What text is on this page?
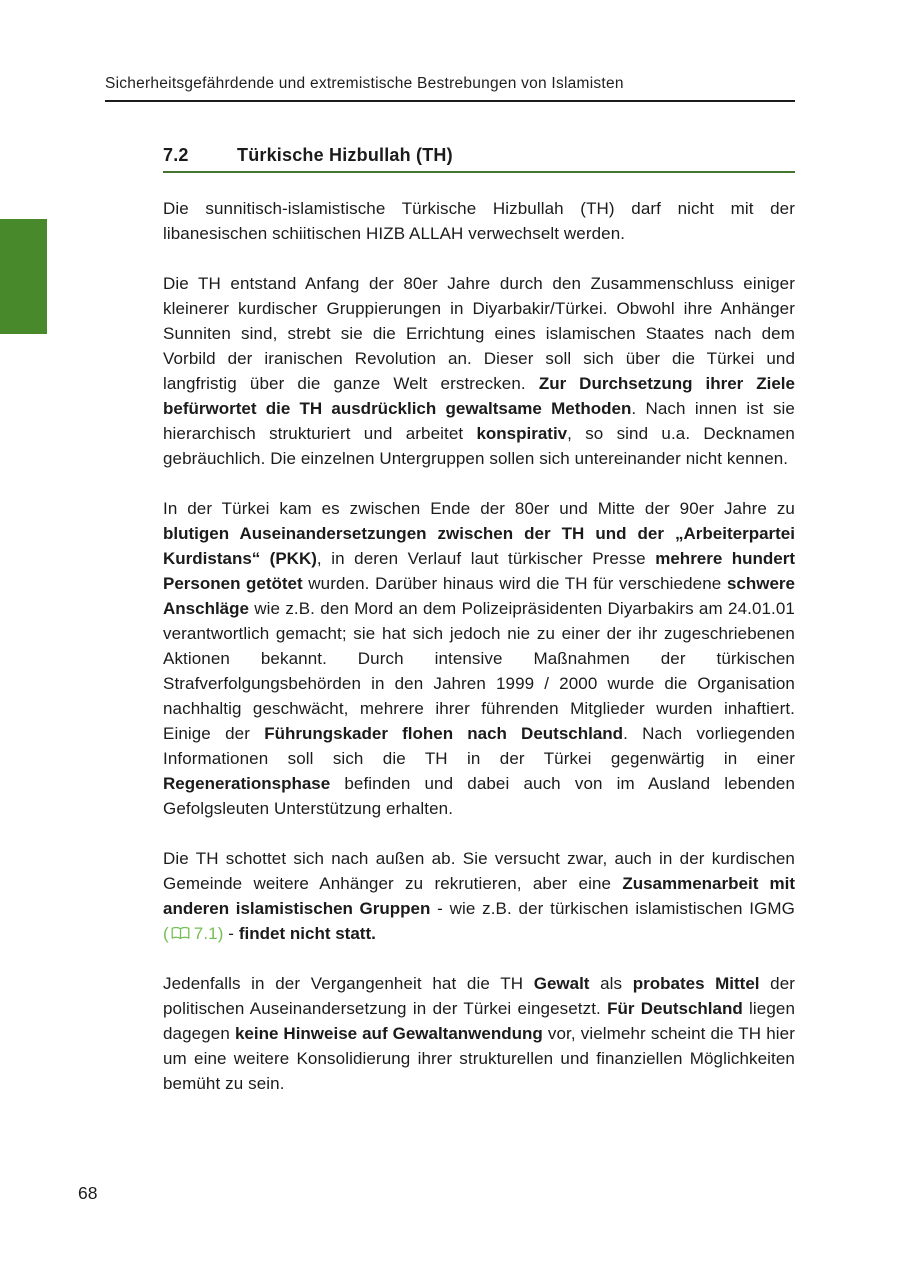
Sicherheitsgefährdende und extremistische Bestrebungen von Islamisten
7.2	Türkische Hizbullah (TH)

Die sunnitisch-islamistische Türkische Hizbullah (TH) darf nicht mit der libanesischen schiitischen HIZB ALLAH verwechselt werden.

Die TH entstand Anfang der 80er Jahre durch den Zusammenschluss einiger kleinerer kurdischer Gruppierungen in Diyarbakir/Türkei. Obwohl ihre Anhänger Sunniten sind, strebt sie die Errichtung eines islamischen Staates nach dem Vorbild der iranischen Revolution an. Dieser soll sich über die Türkei und langfristig über die ganze Welt erstrecken. Zur Durchsetzung ihrer Ziele befürwortet die TH ausdrücklich gewaltsame Methoden. Nach innen ist sie hierarchisch strukturiert und arbeitet konspirativ, so sind u.a. Decknamen gebräuchlich. Die einzelnen Untergruppen sollen sich untereinander nicht kennen.

In der Türkei kam es zwischen Ende der 80er und Mitte der 90er Jahre zu blutigen Auseinandersetzungen zwischen der TH und der „Arbeiterpartei Kurdistans“ (PKK), in deren Verlauf laut türkischer Presse mehrere hundert Personen getötet wurden. Darüber hinaus wird die TH für verschiedene schwere Anschläge wie z.B. den Mord an dem Polizeipräsidenten Diyarbakirs am 24.01.01 verantwortlich gemacht; sie hat sich jedoch nie zu einer der ihr zugeschriebenen Aktionen bekannt. Durch intensive Maßnahmen der türkischen Strafverfolgungsbehörden in den Jahren 1999 / 2000 wurde die Organisation nachhaltig geschwächt, mehrere ihrer führenden Mitglieder wurden inhaftiert. Einige der Führungskader flohen nach Deutschland. Nach vorliegenden Informationen soll sich die TH in der Türkei gegenwärtig in einer Regenerationsphase befinden und dabei auch von im Ausland lebenden Gefolgsleuten Unterstützung erhalten.

Die TH schottet sich nach außen ab. Sie versucht zwar, auch in der kurdischen Gemeinde weitere Anhänger zu rekrutieren, aber eine Zusammenarbeit mit anderen islamistischen Gruppen - wie z.B. der türkischen islamistischen IGMG ( 7.1) - findet nicht statt.

Jedenfalls in der Vergangenheit hat die TH Gewalt als probates Mittel der politischen Auseinandersetzung in der Türkei eingesetzt. Für Deutschland liegen dagegen keine Hinweise auf Gewaltanwendung vor, vielmehr scheint die TH hier um eine weitere Konsolidierung ihrer strukturellen und finanziellen Möglichkeiten bemüht zu sein.

68
